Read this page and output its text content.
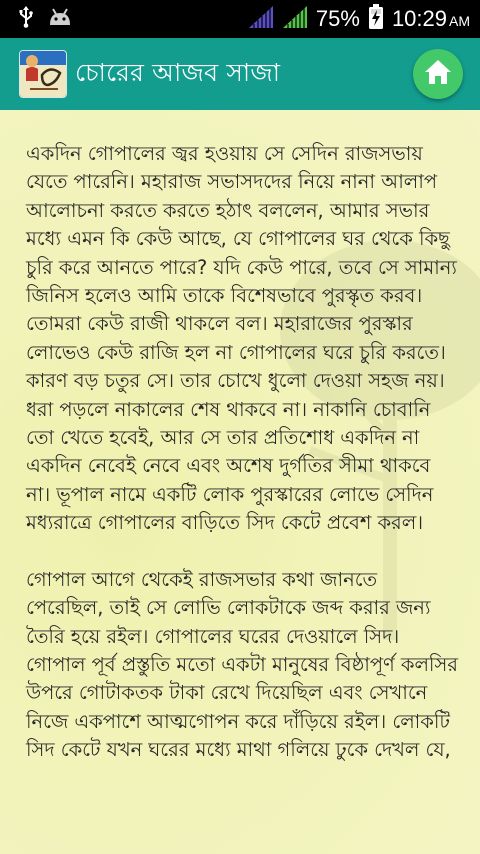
75% 10:29 AM
চোরের আজব সাজা

একদিন গোপালের জ্বর হওয়ায় সে সেদিন রাজসভায় যেতে পারেনি। মহারাজ সভাসদদের নিয়ে নানা আলাপ আলোচনা করতে করতে হঠাৎ বললেন, আমার সভার মধ্যে এমন কি কেউ আছে, যে গোপালের ঘর থেকে কিছু চুরি করে আনতে পারে? যদি কেউ পারে, তবে সে সামান্য জিনিস হলেও আমি তাকে বিশেষভাবে পুরস্কৃত করব। তোমরা কেউ রাজী থাকলে বল। মহারাজের পুরস্কার লোভেও কেউ রাজি হল না গোপালের ঘরে চুরি করতে। কারণ বড় চতুর সে। তার চোখে ধুলো দেওয়া সহজ নয়। ধরা পড়লে নাকালের শেষ থাকবে না। নাকানি চোবানি তো খেতে হবেই, আর সে তার প্রতিশোধ একদিন না একদিন নেবেই নেবে এবং অশেষ দুর্গতির সীমা থাকবে না। ভূপাল নামে একটি লোক পুরস্কারের লোভে সেদিন মধ্যরাত্রে গোপালের বাড়িতে সিদ কেটে প্রবেশ করল।

গোপাল আগে থেকেই রাজসভার কথা জানতে পেরেছিল, তাই সে লোভি লোকটাকে জব্দ করার জন্য তৈরি হয়ে রইল। গোপালের ঘরের দেওয়ালে সিদ। গোপাল পূর্ব প্রস্তুতি মতো একটা মানুষের বিষ্ঠাপূর্ণ কলসির উপরে গোটাকতক টাকা রেখে দিয়েছিল এবং সেখানে নিজে একপাশে আত্মগোপন করে দাঁড়িয়ে রইল। লোকটি সিদ কেটে যখন ঘরের মধ্যে মাথা গলিয়ে ঢুকে দেখল যে,
